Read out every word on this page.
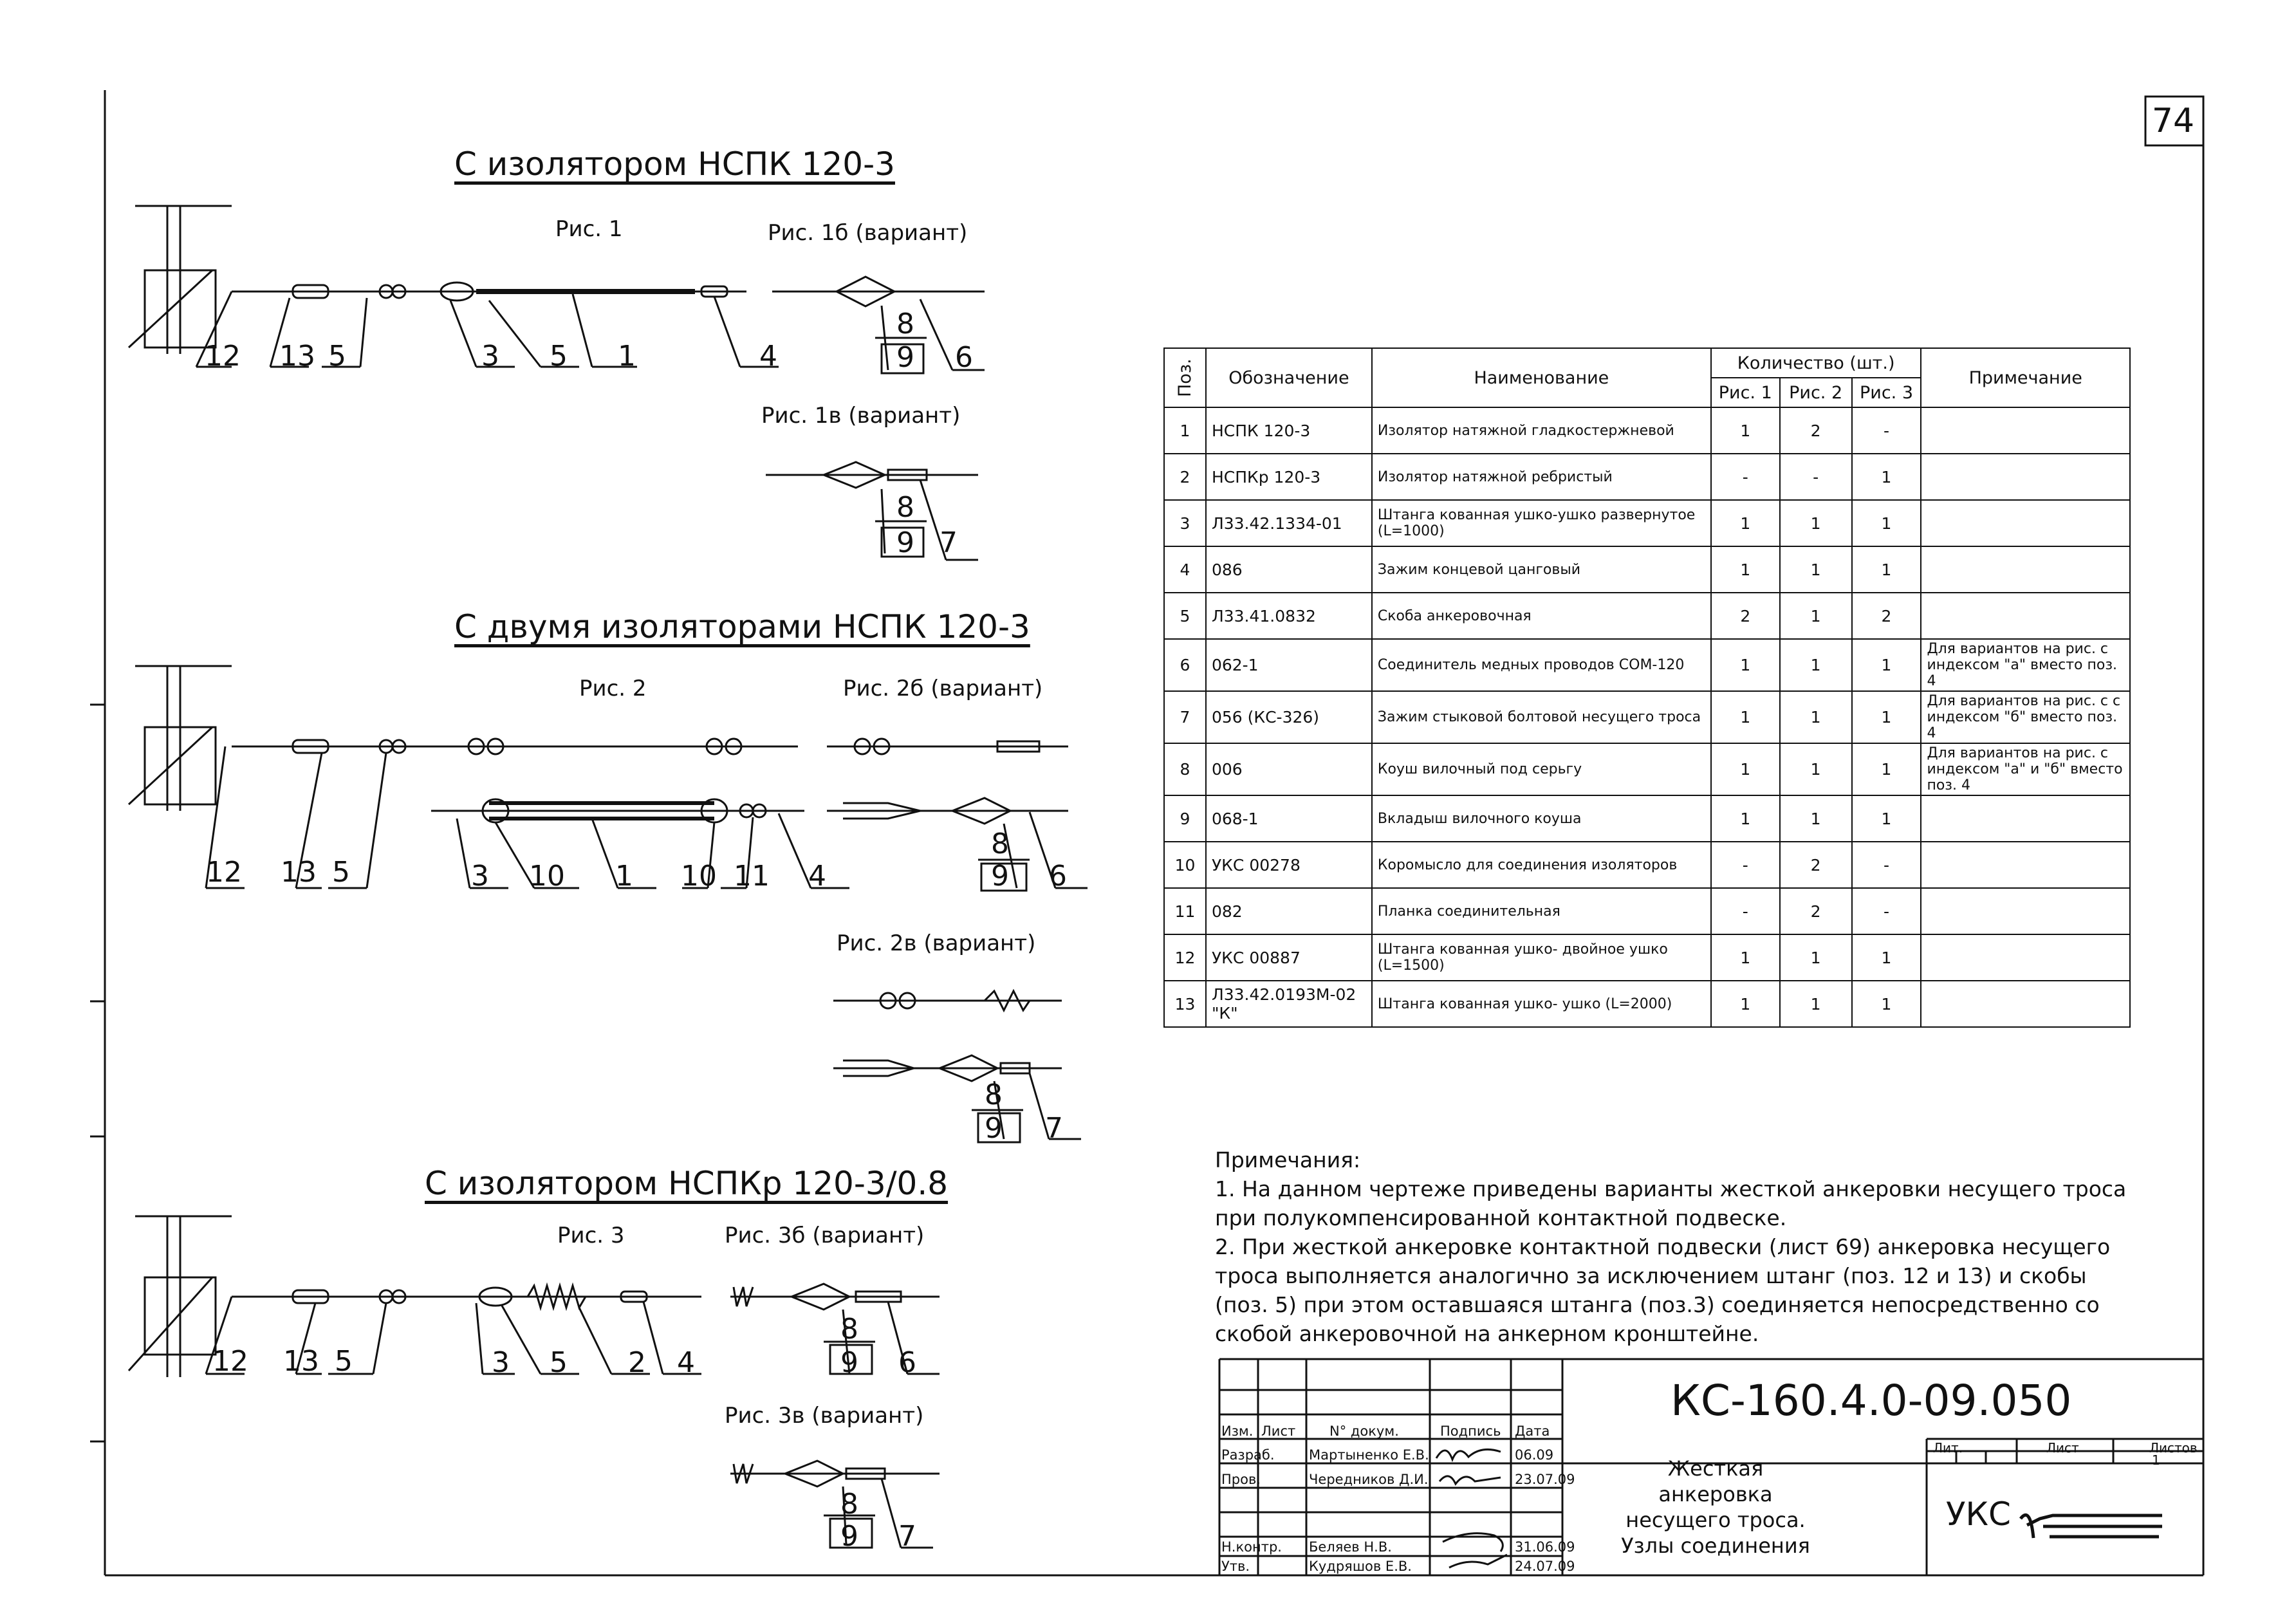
74
С изолятором НСПК 120-3
С двумя изоляторами НСПК 120-3
С изолятором НСПКр 120-3/0.8
Рис. 1	Рис. 1б (вариант)
Рис. 1в (вариант)
Рис. 2	Рис. 2б (вариант)
Рис. 2в (вариант)
Рис. 3	Рис. 3б (вариант)
Рис. 3в (вариант)
12 13 5	3 5 1	4
8
9 6
8
9 7
12 13 5	3 10 1 10 11 4
8
9 6
8
9 7
12 13 5	3 5 2 4
8
9 6
8
9 7
Поз.	Обозначение	Наименование	Количество (шт.)			Примечание
			Рис. 1	Рис. 2	Рис. 3	
1	НСПК 120-3	Изолятор натяжной гладкостержневой	1	2	-	
2	НСПКр 120-3	Изолятор натяжной ребристый	-	-	1	
3	Л33.42.1334-01	Штанга кованная ушко-ушко развернутое (L=1000)	1	1	1	
4	086	Зажим концевой цанговый	1	1	1	
5	Л33.41.0832	Скоба анкеровочная	2	1	2	
6	062-1	Соединитель медных проводов СОМ-120	1	1	1	Для вариантов на рис. с индексом "а" вместо поз. 4
7	056 (КС-326)	Зажим стыковой болтовой несущего троса	1	1	1	Для вариантов на рис. с с индексом "б" вместо поз. 4
8	006	Коуш вилочный под серьгу	1	1	1	Для вариантов на рис. с индексом "а" и "б" вместо поз. 4
9	068-1	Вкладыш вилочного коуша	1	1	1	
10	УКС 00278	Коромысло для соединения изоляторов	-	2	-	
11	082	Планка соединительная	-	2	-	
12	УКС 00887	Штанга кованная ушко- двойное ушко (L=1500)	1	1	1	
13	Л33.42.0193М-02 "К"	Штанга кованная ушко- ушко (L=2000)	1	1	1	
Примечания:
1. На данном чертеже приведены варианты жесткой анкеровки несущего троса при полукомпенсированной контактной подвеске.
2. При жесткой анкеровке контактной подвески (лист 69) анкеровка несущего троса выполняется аналогично за исключением штанг (поз. 12 и 13) и скобы (поз. 5) при этом оставшаяся штанга (поз.3) соединяется непосредственно со скобой анкеровочной на анкерном кронштейне.
Изм. Лист	N° докум.	Подпись Дата
Разраб.	Мартыненко Е.В.	06.09
Пров.	Чередников Д.И.	23.07.09
Н.контр. Беляев Н.В.	31.06.09
Утв.	Кудряшов Е.В.	24.07.09
КС-160.4.0-09.050
Жесткая анкеровка несущего троса. Узлы соединения
Лит.	Лист	Листов
1
УКС
